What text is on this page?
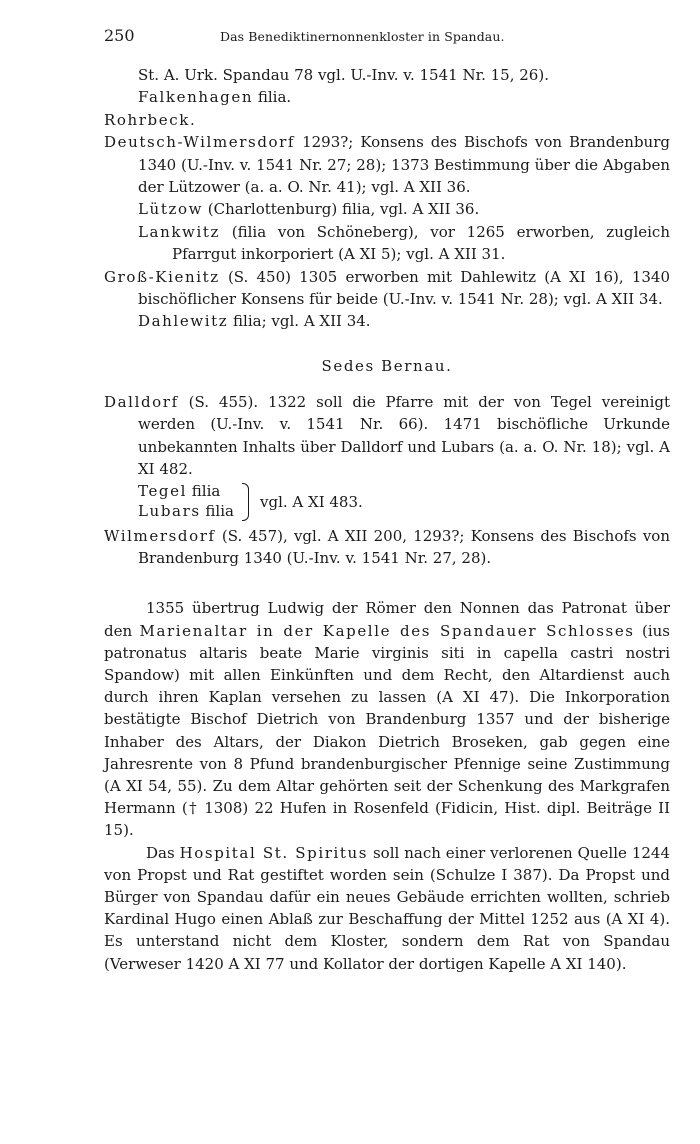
250	Das Benediktinernonnenkloster in Spandau.
St. A. Urk. Spandau 78 vgl. U.-Inv. v. 1541 Nr. 15, 26).
Falkenhagen filia.
Rohrbeck.
Deutsch-Wilmersdorf 1293?; Konsens des Bischofs von Brandenburg 1340 (U.-Inv. v. 1541 Nr. 27; 28); 1373 Bestimmung über die Abgaben der Lützower (a. a. O. Nr. 41); vgl. A XII 36.
Lützow (Charlottenburg) filia, vgl. A XII 36.
Lankwitz (filia von Schöneberg), vor 1265 erworben, zugleich Pfarrgut inkorporiert (A XI 5); vgl. A XII 31.
Groß-Kienitz (S. 450) 1305 erworben mit Dahlewitz (A XI 16), 1340 bischöflicher Konsens für beide (U.-Inv. v. 1541 Nr. 28); vgl. A XII 34.
Dahlewitz filia; vgl. A XII 34.
Sedes Bernau.
Dalldorf (S. 455). 1322 soll die Pfarre mit der von Tegel vereinigt werden (U.-Inv. v. 1541 Nr. 66). 1471 bischöfliche Urkunde unbekannten Inhalts über Dalldorf und Lubars (a. a. O. Nr. 18); vgl. A XI 482.
Tegel filia
Lubars filia vgl. A XI 483.
Wilmersdorf (S. 457), vgl. A XII 200, 1293?; Konsens des Bischofs von Brandenburg 1340 (U.-Inv. v. 1541 Nr. 27, 28).

1355 übertrug Ludwig der Römer den Nonnen das Patronat über den Marienaltar in der Kapelle des Spandauer Schlosses (ius patronatus altaris beate Marie virginis siti in capella castri nostri Spandow) mit allen Einkünften und dem Recht, den Altardienst auch durch ihren Kaplan versehen zu lassen (A XI 47). Die Inkorporation bestätigte Bischof Dietrich von Brandenburg 1357 und der bisherige Inhaber des Altars, der Diakon Dietrich Broseken, gab gegen eine Jahresrente von 8 Pfund brandenburgischer Pfennige seine Zustimmung (A XI 54, 55). Zu dem Altar gehörten seit der Schenkung des Markgrafen Hermann († 1308) 22 Hufen in Rosenfeld (Fidicin, Hist. dipl. Beiträge II 15).

Das Hospital St. Spiritus soll nach einer verlorenen Quelle 1244 von Propst und Rat gestiftet worden sein (Schulze I 387). Da Propst und Bürger von Spandau dafür ein neues Gebäude errichten wollten, schrieb Kardinal Hugo einen Ablaß zur Beschaffung der Mittel 1252 aus (A XI 4). Es unterstand nicht dem Kloster, sondern dem Rat von Spandau (Verweser 1420 A XI 77 und Kollator der dortigen Kapelle A XI 140).
